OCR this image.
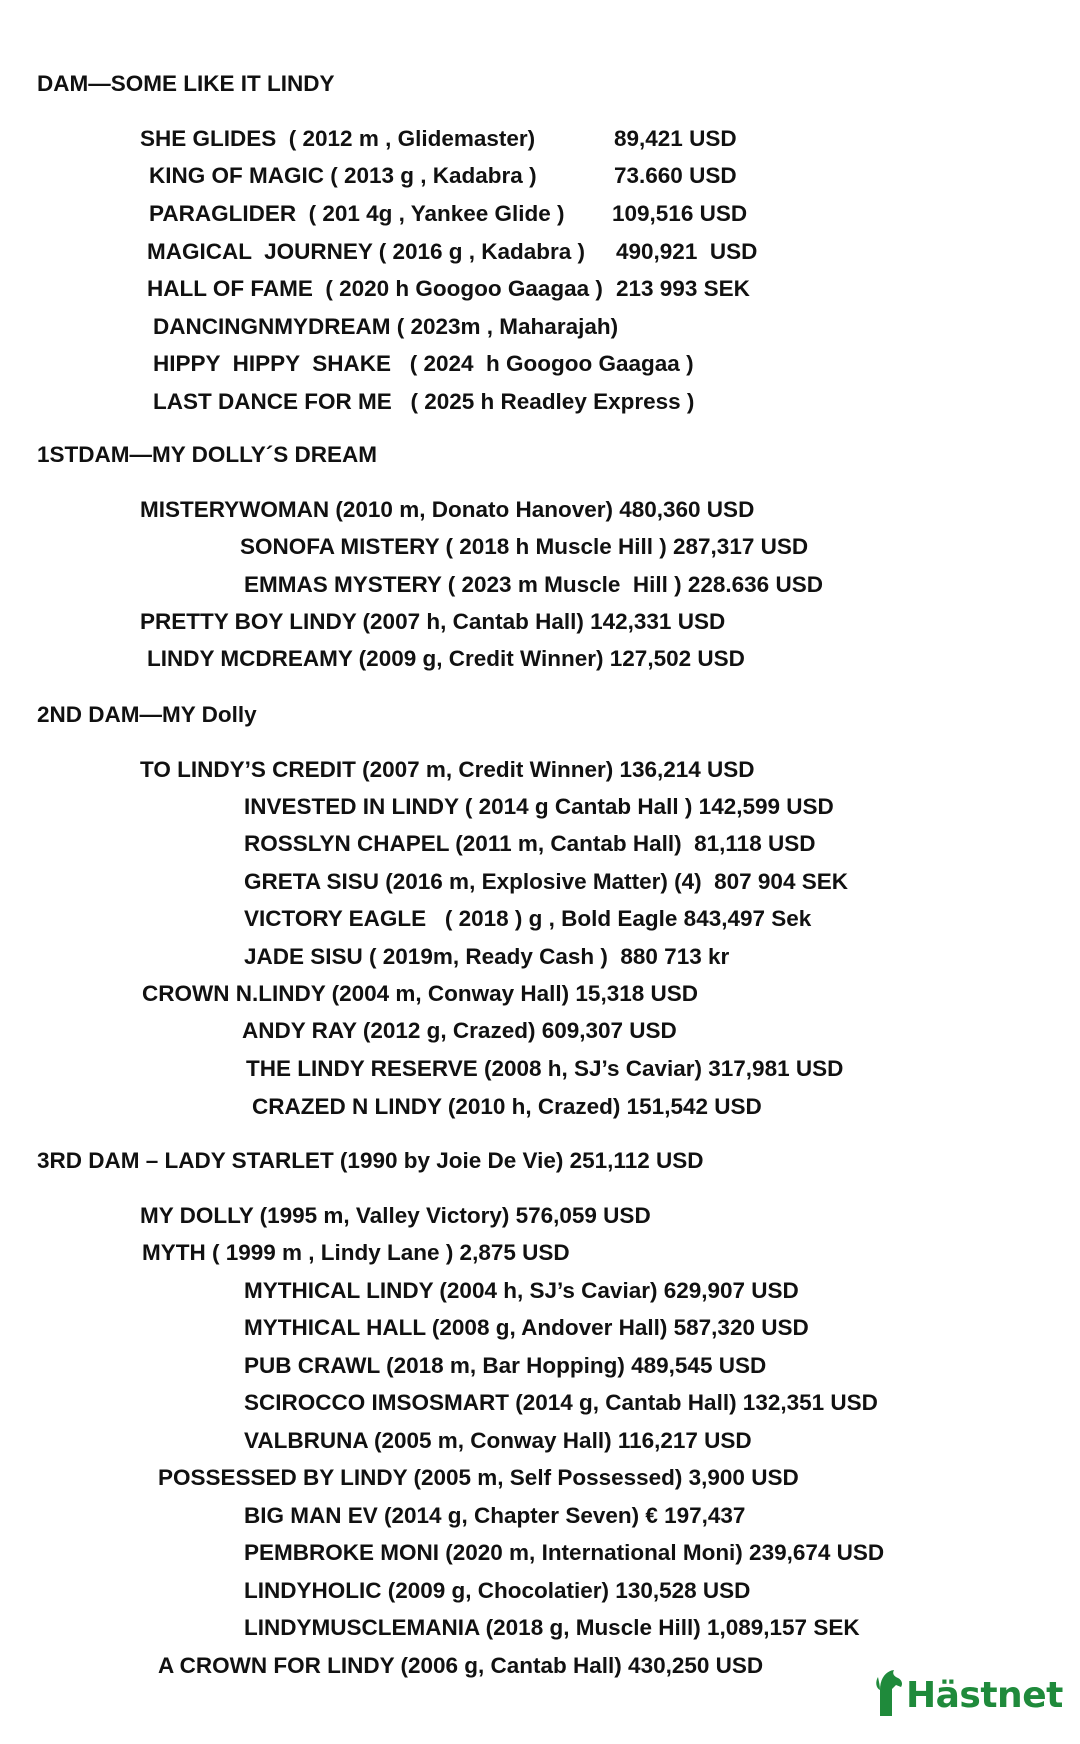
DAM—SOME LIKE IT LINDY
SHE GLIDES  ( 2012 m , Glidemaster)	89,421 USD
KING OF MAGIC ( 2013 g , Kadabra )	73.660 USD
PARAGLIDER  ( 201 4g , Yankee Glide ) 109,516 USD
MAGICAL  JOURNEY ( 2016 g , Kadabra ) 490,921  USD
HALL OF FAME  ( 2020 h Googoo Gaagaa ) 213 993 SEK
DANCINGNMYDREAM ( 2023m , Maharajah)
HIPPY  HIPPY  SHAKE   ( 2024  h Googoo Gaagaa )
LAST DANCE FOR ME   ( 2025 h Readley Express )
1STDAM—MY DOLLY´S DREAM
MISTERYWOMAN (2010 m, Donato Hanover) 480,360 USD
SONOFA MISTERY ( 2018 h Muscle Hill ) 287,317 USD
EMMAS MYSTERY ( 2023 m Muscle  Hill ) 228.636 USD
PRETTY BOY LINDY (2007 h, Cantab Hall) 142,331 USD
LINDY MCDREAMY (2009 g, Credit Winner) 127,502 USD
2ND DAM—MY Dolly
TO LINDY’S CREDIT (2007 m, Credit Winner) 136,214 USD
INVESTED IN LINDY ( 2014 g Cantab Hall ) 142,599 USD
ROSSLYN CHAPEL (2011 m, Cantab Hall)  81,118 USD
GRETA SISU (2016 m, Explosive Matter) (4)  807 904 SEK
VICTORY EAGLE   ( 2018 ) g , Bold Eagle 843,497 Sek
JADE SISU ( 2019m, Ready Cash )  880 713 kr
CROWN N.LINDY (2004 m, Conway Hall) 15,318 USD
ANDY RAY (2012 g, Crazed) 609,307 USD
THE LINDY RESERVE (2008 h, SJ’s Caviar) 317,981 USD
CRAZED N LINDY (2010 h, Crazed) 151,542 USD
3RD DAM – LADY STARLET (1990 by Joie De Vie) 251,112 USD
MY DOLLY (1995 m, Valley Victory) 576,059 USD
MYTH ( 1999 m , Lindy Lane ) 2,875 USD
MYTHICAL LINDY (2004 h, SJ’s Caviar) 629,907 USD
MYTHICAL HALL (2008 g, Andover Hall) 587,320 USD
PUB CRAWL (2018 m, Bar Hopping) 489,545 USD
SCIROCCO IMSOSMART (2014 g, Cantab Hall) 132,351 USD
VALBRUNA (2005 m, Conway Hall) 116,217 USD
POSSESSED BY LINDY (2005 m, Self Possessed) 3,900 USD
BIG MAN EV (2014 g, Chapter Seven) € 197,437
PEMBROKE MONI (2020 m, International Moni) 239,674 USD
LINDYHOLIC (2009 g, Chocolatier) 130,528 USD
LINDYMUSCLEMANIA (2018 g, Muscle Hill) 1,089,157 SEK
A CROWN FOR LINDY (2006 g, Cantab Hall) 430,250 USD
Hästnet
